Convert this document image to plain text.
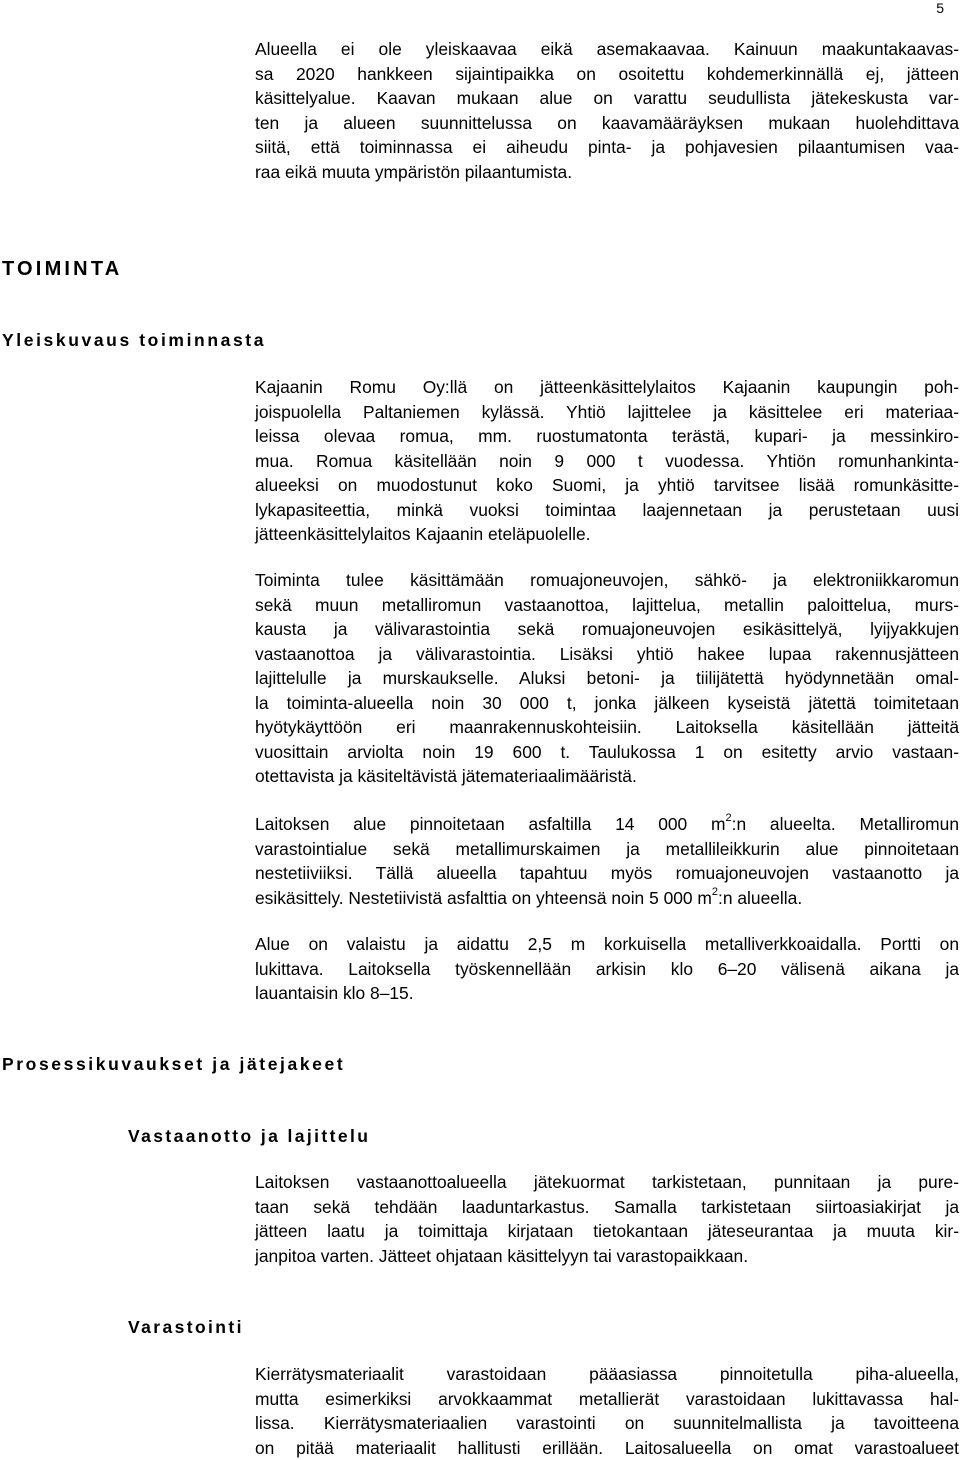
5
Alueella ei ole yleiskaavaa eikä asemakaavaa. Kainuun maakuntakaavas-
sa 2020 hankkeen sijaintipaikka on osoitettu kohdemerkinnällä ej, jätteen
käsittelyalue. Kaavan mukaan alue on varattu seudullista jätekeskusta var-
ten ja alueen suunnittelussa on kaavamääräyksen mukaan huolehdittava
siitä, että toiminnassa ei aiheudu pinta- ja pohjavesien pilaantumisen vaa-
raa eikä muuta ympäristön pilaantumista.
TOIMINTA
Yleiskuvaus toiminnasta
Kajaanin Romu Oy:llä on jätteenkäsittelylaitos Kajaanin kaupungin poh-
joispuolella Paltaniemen kylässä. Yhtiö lajittelee ja käsittelee eri materiaa-
leissa olevaa romua, mm. ruostumatonta terästä, kupari- ja messinkiro-
mua. Romua käsitellään noin 9 000 t vuodessa. Yhtiön romunhankinta-
alueeksi on muodostunut koko Suomi, ja yhtiö tarvitsee lisää romunkäsitte-
lykapasiteettia, minkä vuoksi toimintaa laajennetaan ja perustetaan uusi
jätteenkäsittelylaitos Kajaanin eteläpuolelle.
Toiminta tulee käsittämään romuajoneuvojen, sähkö- ja elektroniikkaromun
sekä muun metalliromun vastaanottoa, lajittelua, metallin paloittelua, murs-
kausta ja välivarastointia sekä romuajoneuvojen esikäsittelyä, lyijyakkujen
vastaanottoa ja välivarastointia. Lisäksi yhtiö hakee lupaa rakennusjätteen
lajittelulle ja murskaukselle. Aluksi betoni- ja tiilijätettä hyödynnetään omal-
la toiminta-alueella noin 30 000 t, jonka jälkeen kyseistä jätettä toimitetaan
hyötykäyttöön eri maanrakennuskohteisiin. Laitoksella käsitellään jätteitä
vuosittain arviolta noin 19 600 t. Taulukossa 1 on esitetty arvio vastaan-
otettavista ja käsiteltävistä jätemateriaalimääristä.
Laitoksen alue pinnoitetaan asfaltilla 14 000 $m^2:n$ alueelta. Metalliromun
varastointialue sekä metallimurskaimen ja metallileikkurin alue pinnoitetaan
nestetiiviiksi. Tällä alueella tapahtuu myös romuajoneuvojen vastaanotto ja
esikäsittely. Nestetiivistä asfalttia on yhteensä noin 5 000 $m^2:n$ alueella.
Alue on valaistu ja aidattu 2,5 m korkuisella metalliverkkoaidalla. Portti on
lukittava. Laitoksella työskennellään arkisin klo 6–20 välisenä aikana ja
lauantaisin klo 8–15.
Prosessikuvaukset ja jätejakeet
Vastaanotto ja lajittelu
Laitoksen vastaanottoalueella jätekuormat tarkistetaan, punnitaan ja pure-
taan sekä tehdään laaduntarkastus. Samalla tarkistetaan siirtoasiakirjat ja
jätteen laatu ja toimittaja kirjataan tietokantaan jäteseurantaa ja muuta kir-
janpitoa varten. Jätteet ohjataan käsittelyyn tai varastopaikkaan.
Varastointi
Kierrätysmateriaalit varastoidaan pääasiassa pinnoitetulla piha-alueella,
mutta esimerkiksi arvokkaammat metallierät varastoidaan lukittavassa hal-
lissa. Kierrätysmateriaalien varastointi on suunnitelmallista ja tavoitteena
on pitää materiaalit hallitusti erillään. Laitosalueella on omat varastoalueet
